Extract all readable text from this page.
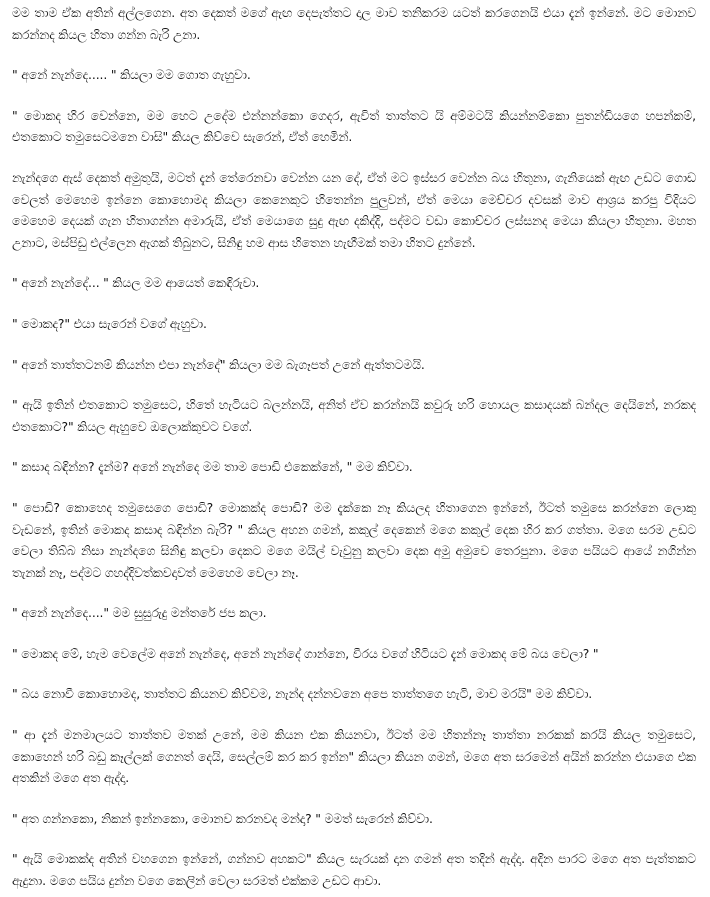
මම තාම ඒක අතින් අල්ලගෙන. අත දෙකත් මගේ ඇඟ දෙපැත්තට දාල මාව තනිකරම යටත් කරගෙනයි එයා දැන් ඉන්නේ. මට මොනව කරන්නද කියල හිතා ගන්න බැරි උනා.

" අනේ නැන්දෙ..... " කියලා මම ගොත ගැහුවා.

" මොකද හිර වෙන්නෙ, මම හෙට උදේම එන්නන්කො ගෙදර, ඇවිත් තාත්තට යි අම්මටයි කියන්නම්කො පුතන්ඩියගෙ හපන්කම්, එතකොට තමුසෙටමනෙ වාසි" කියල කිව්වෙ සැරෙන්, ඒත් හෙමින්.

නැන්දගෙ ඇස් දෙකත් අමුතුයි, මටත් දැන් තේරෙනවා වෙන්න යන දේ, ඒත් මට ඉස්සර වෙන්න බය හිතුනා, ගැනියෙක් ඇඟ උඩට ගොඩ වෙලත් මෙහෙම ඉන්නෙ කොහොමද කියලා කෙනෙකුට හිතෙන්න පුලුවන්, ඒත් මෙයා මෙච්චර දවසක් මාව ආශ්‍රය කරපු විදියට මෙහෙම දෙයක් ගැන හිතාගන්න අමාරුයි, ඒත් මෙයාගෙ සුදු ඇඟ දකිද්දි, පද්මට වඩා කොච්චර ලස්සනද මෙයා කියලා හිතුනා. මහත උනාට, මස්පිඩු එල්ලෙන ඇගක් තිබුනට, සිනිඳු හම ආස හිතෙන හැඟීමක් තමා හිතට දුන්නේ.

" අනේ නැන්දේ... " කියල මම ආයෙත් කෙඳිරුවා.

" මොකද?" එයා සැරෙන් වගේ ඇහුවා.

" අනේ තාත්තටනම් කියන්න එපා නැන්දේ" කියලා මම බැගෑපත් උනේ ඇත්තටමයි.

" ඇයි ඉතින් එතකොට තමුසෙට, හිතේ හැටියට බලන්නයි, අනිත් ඒව කරන්නයි කවුරු හරි හොයල කසාදයක් බන්දල දෙයිනේ, නරකද එතකොට?" කියල ඇහුවෙ ඔලොක්කුවට වගේ.

" කසාද බඳින්න? දැන්ම? අනේ නැන්දෙ මම තාම පොඩි එකෙක්නේ, " මම කිව්වා.

" පොඩි? කොහෙද තමුසෙගෙ පොඩි? මොකක්ද පොඩි? මම දැක්කෙ නෑ කියලද හිතාගෙන ඉන්නේ, ඊටත් තමුසෙ කරන්නෙ ලොකු වැඩනේ, ඉතින් මොකද කසාද බඳින්න බැරි? " කියල අහන ගමන්, කකුල් දෙකෙන් මගෙ කකුල් දෙක හිර කර ගත්තා. මගෙ සරම උඩට වෙලා තිබ්බ නිසා නැන්දගෙ සිනිඳු කලවා දෙකට මගෙ මයිල් වැවුනු කලවා දෙක අමු අමුවෙ තෙරපුනා. මගෙ පයියට ආයේ නගින්න තැනක් නෑ, පද්මට ගහද්දිවත්කවදාවත් මෙහෙම වෙලා නෑ.

" අනේ නැන්දෙ...." මම සුසුරුදු මන්තරේ ජප කලා.

" මොකද මේ, හැම වෙලේම අනේ නැන්දෙ, අනේ නැන්දේ ගාන්නෙ, වීරය වගේ හිටියට දැන් මොකද මේ බය වෙලා? "

" බය නොවී කොහොමද, තාත්තට කියනව කිව්වම, නැන්ද දන්නවනෙ අපෙ තාත්තගෙ හැටි, මාව මරයි" මම කිව්වා.

" ආ දැන් මනමාලයට තාත්තව මතක් උනේ, මම කියන එක කියනවා, ඊටත් මම හිතන්නෑ තාත්තා නරකක් කරයි කියල තමුසෙට, කොහෙන් හරි බඩු කෑල්ලක් ගෙනත් දෙයි, සෙල්ලම් කර කර ඉන්න" කියලා කියන ගමන්, මගෙ අත සරමෙන් අයින් කරන්න එයාගෙ එක අතකින් මගෙ අත ඇද්දා.

" අත ගන්නකො, නිකන් ඉන්නකො, මොනව කරනවද මන්දා? " මමත් සැරෙන් කිව්වා.

" ඇයි මොකක්ද අතින් වහගෙන ඉන්නේ, ගන්නව අහකට" කියල සැරයක් දාන ගමන් අත තදින් ඇද්දා. අදින පාරට මගෙ අත පැත්තකට ඇදුනා. මගෙ පයිය දුන්න වගෙ කෙලින් වෙලා සරමත් එක්කම උඩට ආවා.
